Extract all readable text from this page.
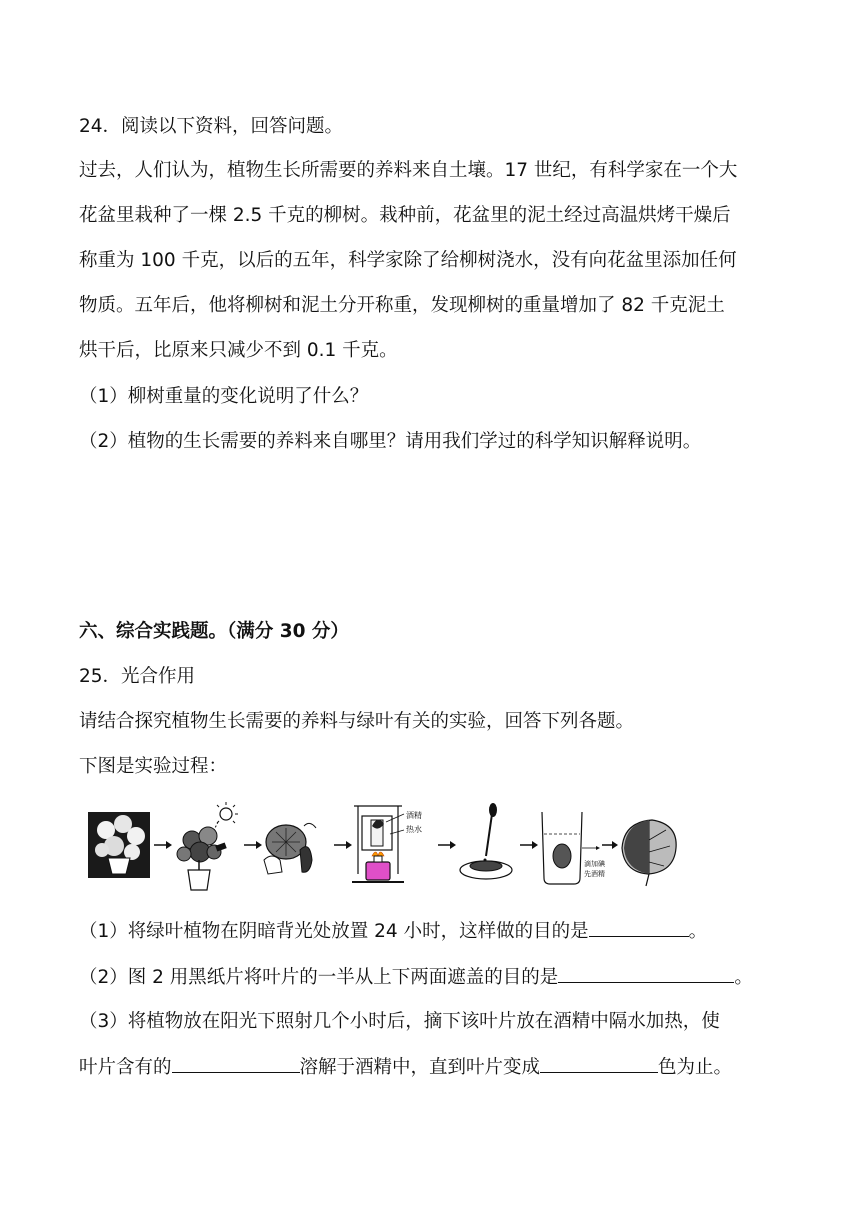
24．阅读以下资料，回答问题。
过去，人们认为，植物生长所需要的养料来自土壤。17 世纪，有科学家在一个大
花盆里栽种了一棵 2.5 千克的柳树。栽种前，花盆里的泥土经过高温烘烤干燥后
称重为 100 千克，以后的五年，科学家除了给柳树浇水，没有向花盆里添加任何
物质。五年后，他将柳树和泥土分开称重，发现柳树的重量增加了 82 千克泥土
烘干后，比原来只减少不到 0.1 千克。
（1）柳树重量的变化说明了什么？
（2）植物的生长需要的养料来自哪里？请用我们学过的科学知识解释说明。
六、综合实践题。（满分 30 分）
25．光合作用
请结合探究植物生长需要的养料与绿叶有关的实验，回答下列各题。
下图是实验过程：
酒精
热水
滴加碘
先酒精
（1）将绿叶植物在阴暗背光处放置 24 小时，这样做的目的是	。
（2）图 2 用黑纸片将叶片的一半从上下两面遮盖的目的是	。
（3）将植物放在阳光下照射几个小时后，摘下该叶片放在酒精中隔水加热，使
叶片含有的	溶解于酒精中，直到叶片变成	色为止。
